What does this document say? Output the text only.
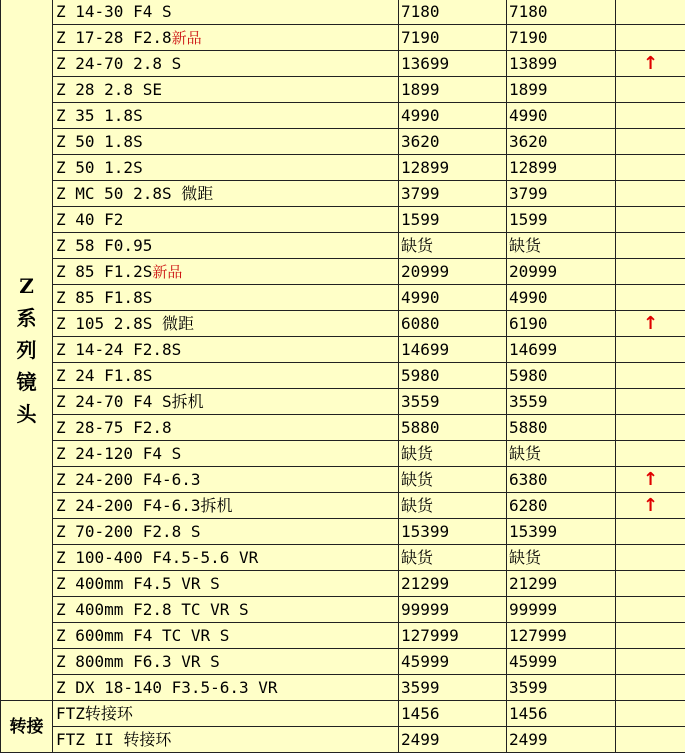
Z
系
列
镜
头	Z 14-30 F4 S	7180	7180	
	Z 17-28 F2.8新品	7190	7190	
	Z 24-70 2.8 S	13699	13899	↑
	Z 28 2.8 SE	1899	1899	
	Z 35 1.8S	4990	4990	
	Z 50 1.8S	3620	3620	
	Z 50 1.2S	12899	12899	
	Z MC 50 2.8S 微距	3799	3799	
	Z 40 F2	1599	1599	
	Z 58 F0.95	缺货	缺货	
	Z 85 F1.2S新品	20999	20999	
	Z 85 F1.8S	4990	4990	
	Z 105 2.8S 微距	6080	6190	↑
	Z 14-24 F2.8S	14699	14699	
	Z 24 F1.8S	5980	5980	
	Z 24-70 F4 S拆机	3559	3559	
	Z 28-75 F2.8	5880	5880	
	Z 24-120 F4 S	缺货	缺货	
	Z 24-200 F4-6.3	缺货	6380	↑
	Z 24-200 F4-6.3拆机	缺货	6280	↑
	Z 70-200 F2.8 S	15399	15399	
	Z 100-400 F4.5-5.6 VR	缺货	缺货	
	Z 400mm F4.5 VR S	21299	21299	
	Z 400mm F2.8 TC VR S	99999	99999	
	Z 600mm F4 TC VR S	127999	127999	
	Z 800mm F6.3 VR S	45999	45999	
	Z DX 18-140 F3.5-6.3 VR	3599	3599	

转接	FTZ转接环	1456	1456	
	FTZ II 转接环	2499	2499	
